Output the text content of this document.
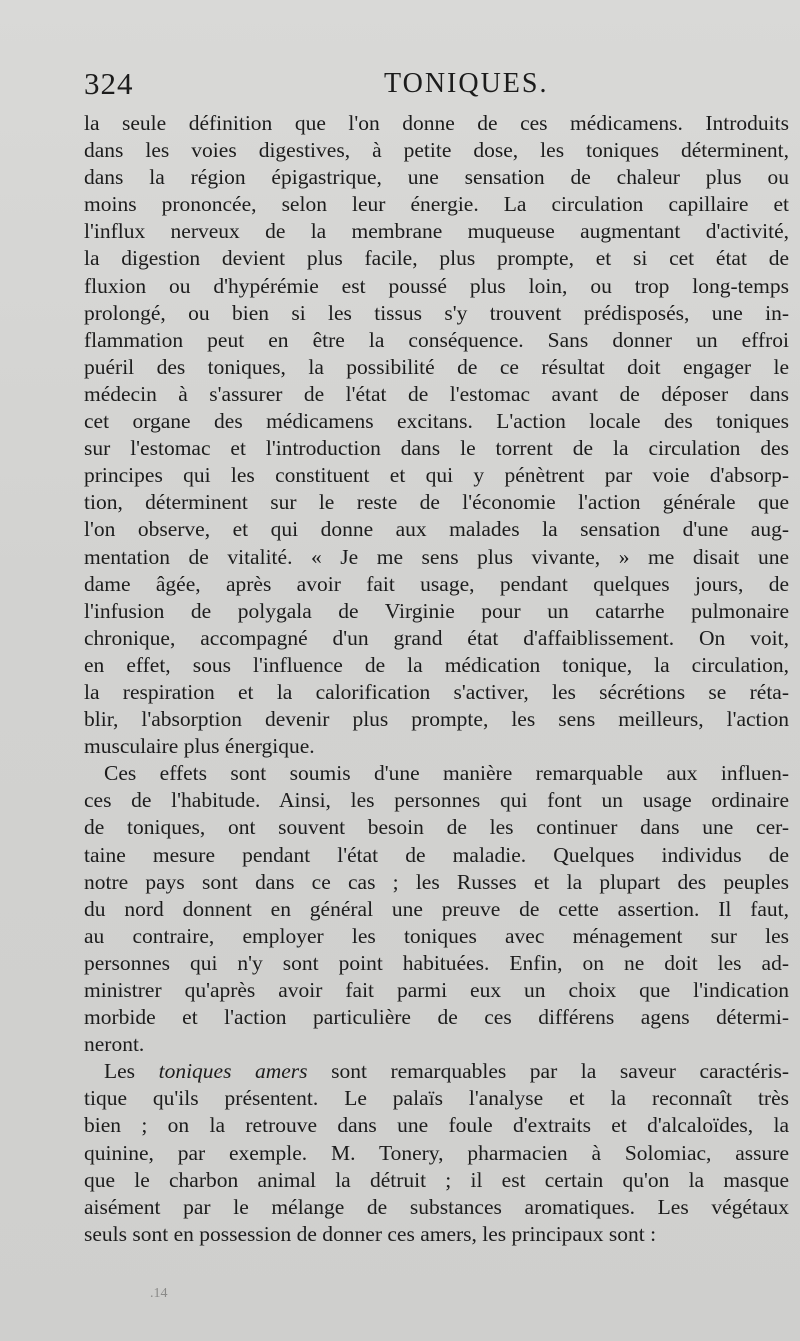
324	TONIQUES.
la seule définition que l'on donne de ces médicamens. Introduits
dans les voies digestives, à petite dose, les toniques déterminent,
dans la région épigastrique, une sensation de chaleur plus ou
moins prononcée, selon leur énergie. La circulation capillaire et
l'influx nerveux de la membrane muqueuse augmentant d'activité,
la digestion devient plus facile, plus prompte, et si cet état de
fluxion ou d'hypérémie est poussé plus loin, ou trop long-temps
prolongé, ou bien si les tissus s'y trouvent prédisposés, une in-
flammation peut en être la conséquence. Sans donner un effroi
puéril des toniques, la possibilité de ce résultat doit engager le
médecin à s'assurer de l'état de l'estomac avant de déposer dans
cet organe des médicamens excitans. L'action locale des toniques
sur l'estomac et l'introduction dans le torrent de la circulation des
principes qui les constituent et qui y pénètrent par voie d'absorp-
tion, déterminent sur le reste de l'économie l'action générale que
l'on observe, et qui donne aux malades la sensation d'une aug-
mentation de vitalité. « Je me sens plus vivante, » me disait une
dame âgée, après avoir fait usage, pendant quelques jours, de
l'infusion de polygala de Virginie pour un catarrhe pulmonaire
chronique, accompagné d'un grand état d'affaiblissement. On voit,
en effet, sous l'influence de la médication tonique, la circulation,
la respiration et la calorification s'activer, les sécrétions se réta-
blir, l'absorption devenir plus prompte, les sens meilleurs, l'action
musculaire plus énergique.
Ces effets sont soumis d'une manière remarquable aux influen-
ces de l'habitude. Ainsi, les personnes qui font un usage ordinaire
de toniques, ont souvent besoin de les continuer dans une cer-
taine mesure pendant l'état de maladie. Quelques individus de
notre pays sont dans ce cas ; les Russes et la plupart des peuples
du nord donnent en général une preuve de cette assertion. Il faut,
au contraire, employer les toniques avec ménagement sur les
personnes qui n'y sont point habituées. Enfin, on ne doit les ad-
ministrer qu'après avoir fait parmi eux un choix que l'indication
morbide et l'action particulière de ces différens agens détermi-
neront.
Les toniques amers sont remarquables par la saveur caractéris-
tique qu'ils présentent. Le palaïs l'analyse et la reconnaît très
bien ; on la retrouve dans une foule d'extraits et d'alcaloïdes, la
quinine, par exemple. M. Tonery, pharmacien à Solomiac, assure
que le charbon animal la détruit ; il est certain qu'on la masque
aisément par le mélange de substances aromatiques. Les végétaux
seuls sont en possession de donner ces amers, les principaux sont :
.14
